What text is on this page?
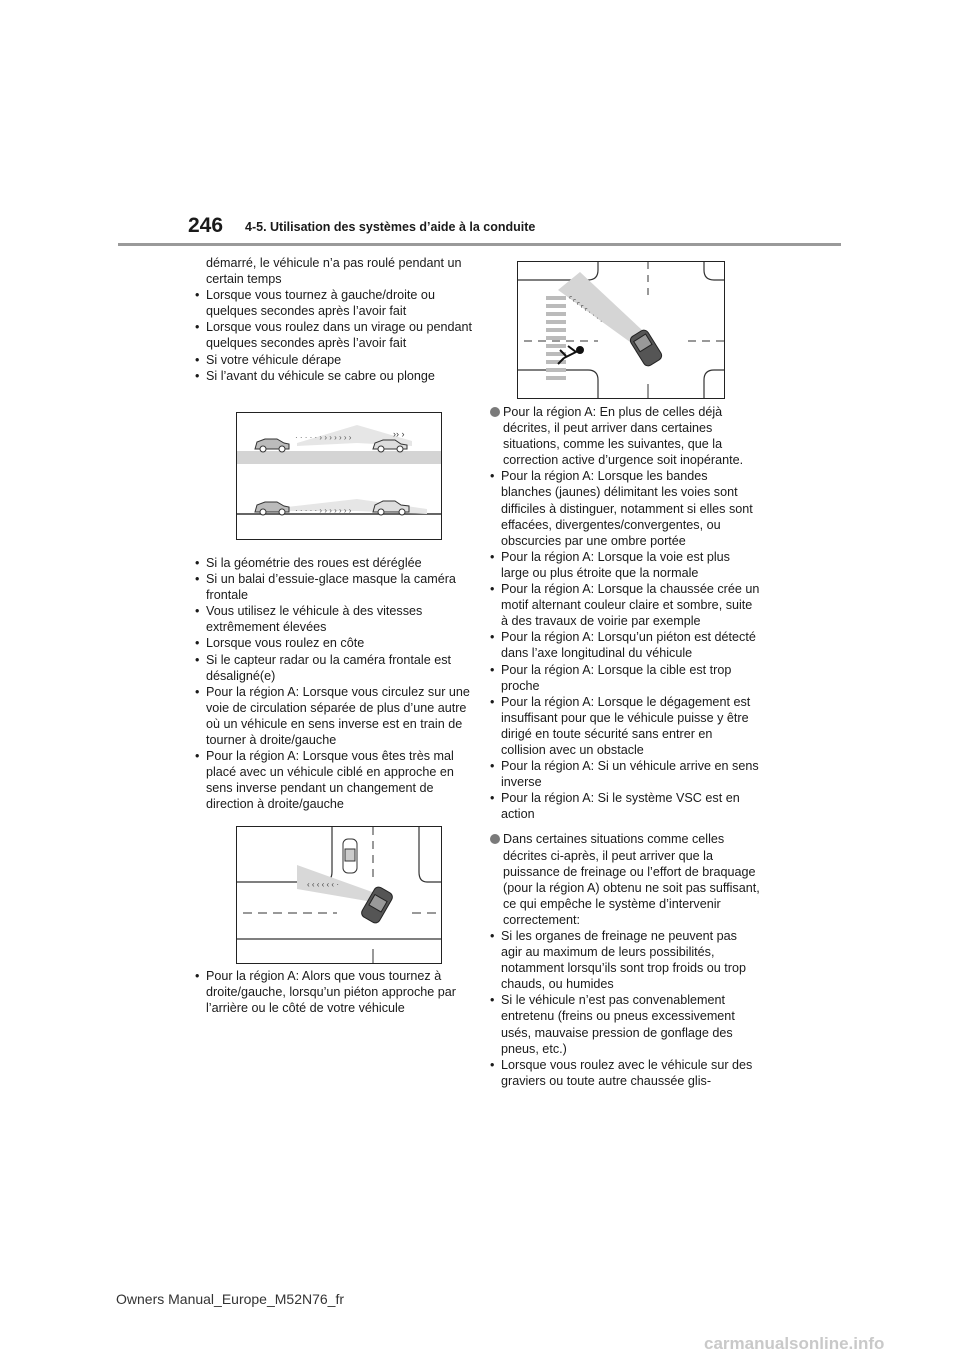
246 4-5. Utilisation des systèmes d’aide à la conduite
démarré, le véhicule n’a pas roulé pendant un certain temps
• Lorsque vous tournez à gauche/droite ou quelques secondes après l’avoir fait
• Lorsque vous roulez dans un virage ou pendant quelques secondes après l’avoir fait
• Si votre véhicule dérape
• Si l’avant du véhicule se cabre ou plonge
• Si la géométrie des roues est déréglée
• Si un balai d’essuie-glace masque la caméra frontale
• Vous utilisez le véhicule à des vitesses extrêmement élevées
• Lorsque vous roulez en côte
• Si le capteur radar ou la caméra frontale est désaligné(e)
• Pour la région A: Lorsque vous circulez sur une voie de circulation séparée de plus d’une autre où un véhicule en sens inverse est en train de tourner à droite/gauche
• Pour la région A: Lorsque vous êtes très mal placé avec un véhicule ciblé en approche en sens inverse pendant un changement de direction à droite/gauche
• Pour la région A: Alors que vous tournez à droite/gauche, lorsqu’un piéton approche par l’arrière ou le côté de votre véhicule
· · · · · › › › › › › ›	›› ›
· · · · · › › › › › › ›
‹ ‹ ‹ ‹ ‹ ‹ ·
‹ ‹ ‹ ‹ ‹ · · · ·
Pour la région A: En plus de celles déjà décrites, il peut arriver dans certaines situations, comme les suivantes, que la correction active d’urgence soit inopérante.
• Pour la région A: Lorsque les bandes blanches (jaunes) délimitant les voies sont difficiles à distinguer, notamment si elles sont effacées, divergentes/convergentes, ou obscurcies par une ombre portée
• Pour la région A: Lorsque la voie est plus large ou plus étroite que la normale
• Pour la région A: Lorsque la chaussée crée un motif alternant couleur claire et sombre, suite à des travaux de voirie par exemple
• Pour la région A: Lorsqu’un piéton est détecté dans l’axe longitudinal du véhicule
• Pour la région A: Lorsque la cible est trop proche
• Pour la région A: Lorsque le dégagement est insuffisant pour que le véhicule puisse y être dirigé en toute sécurité sans entrer en collision avec un obstacle
• Pour la région A: Si un véhicule arrive en sens inverse
• Pour la région A: Si le système VSC est en action
Dans certaines situations comme celles décrites ci-après, il peut arriver que la puissance de freinage ou l’effort de braquage (pour la région A) obtenu ne soit pas suffisant, ce qui empêche le système d’intervenir correctement:
• Si les organes de freinage ne peuvent pas agir au maximum de leurs possibilités, notamment lorsqu’ils sont trop froids ou trop chauds, ou humides
• Si le véhicule n’est pas convenablement entretenu (freins ou pneus excessivement usés, mauvaise pression de gonflage des pneus, etc.)
• Lorsque vous roulez avec le véhicule sur des graviers ou toute autre chaussée glis-
Owners Manual_Europe_M52N76_fr
carmanualsonline.info
